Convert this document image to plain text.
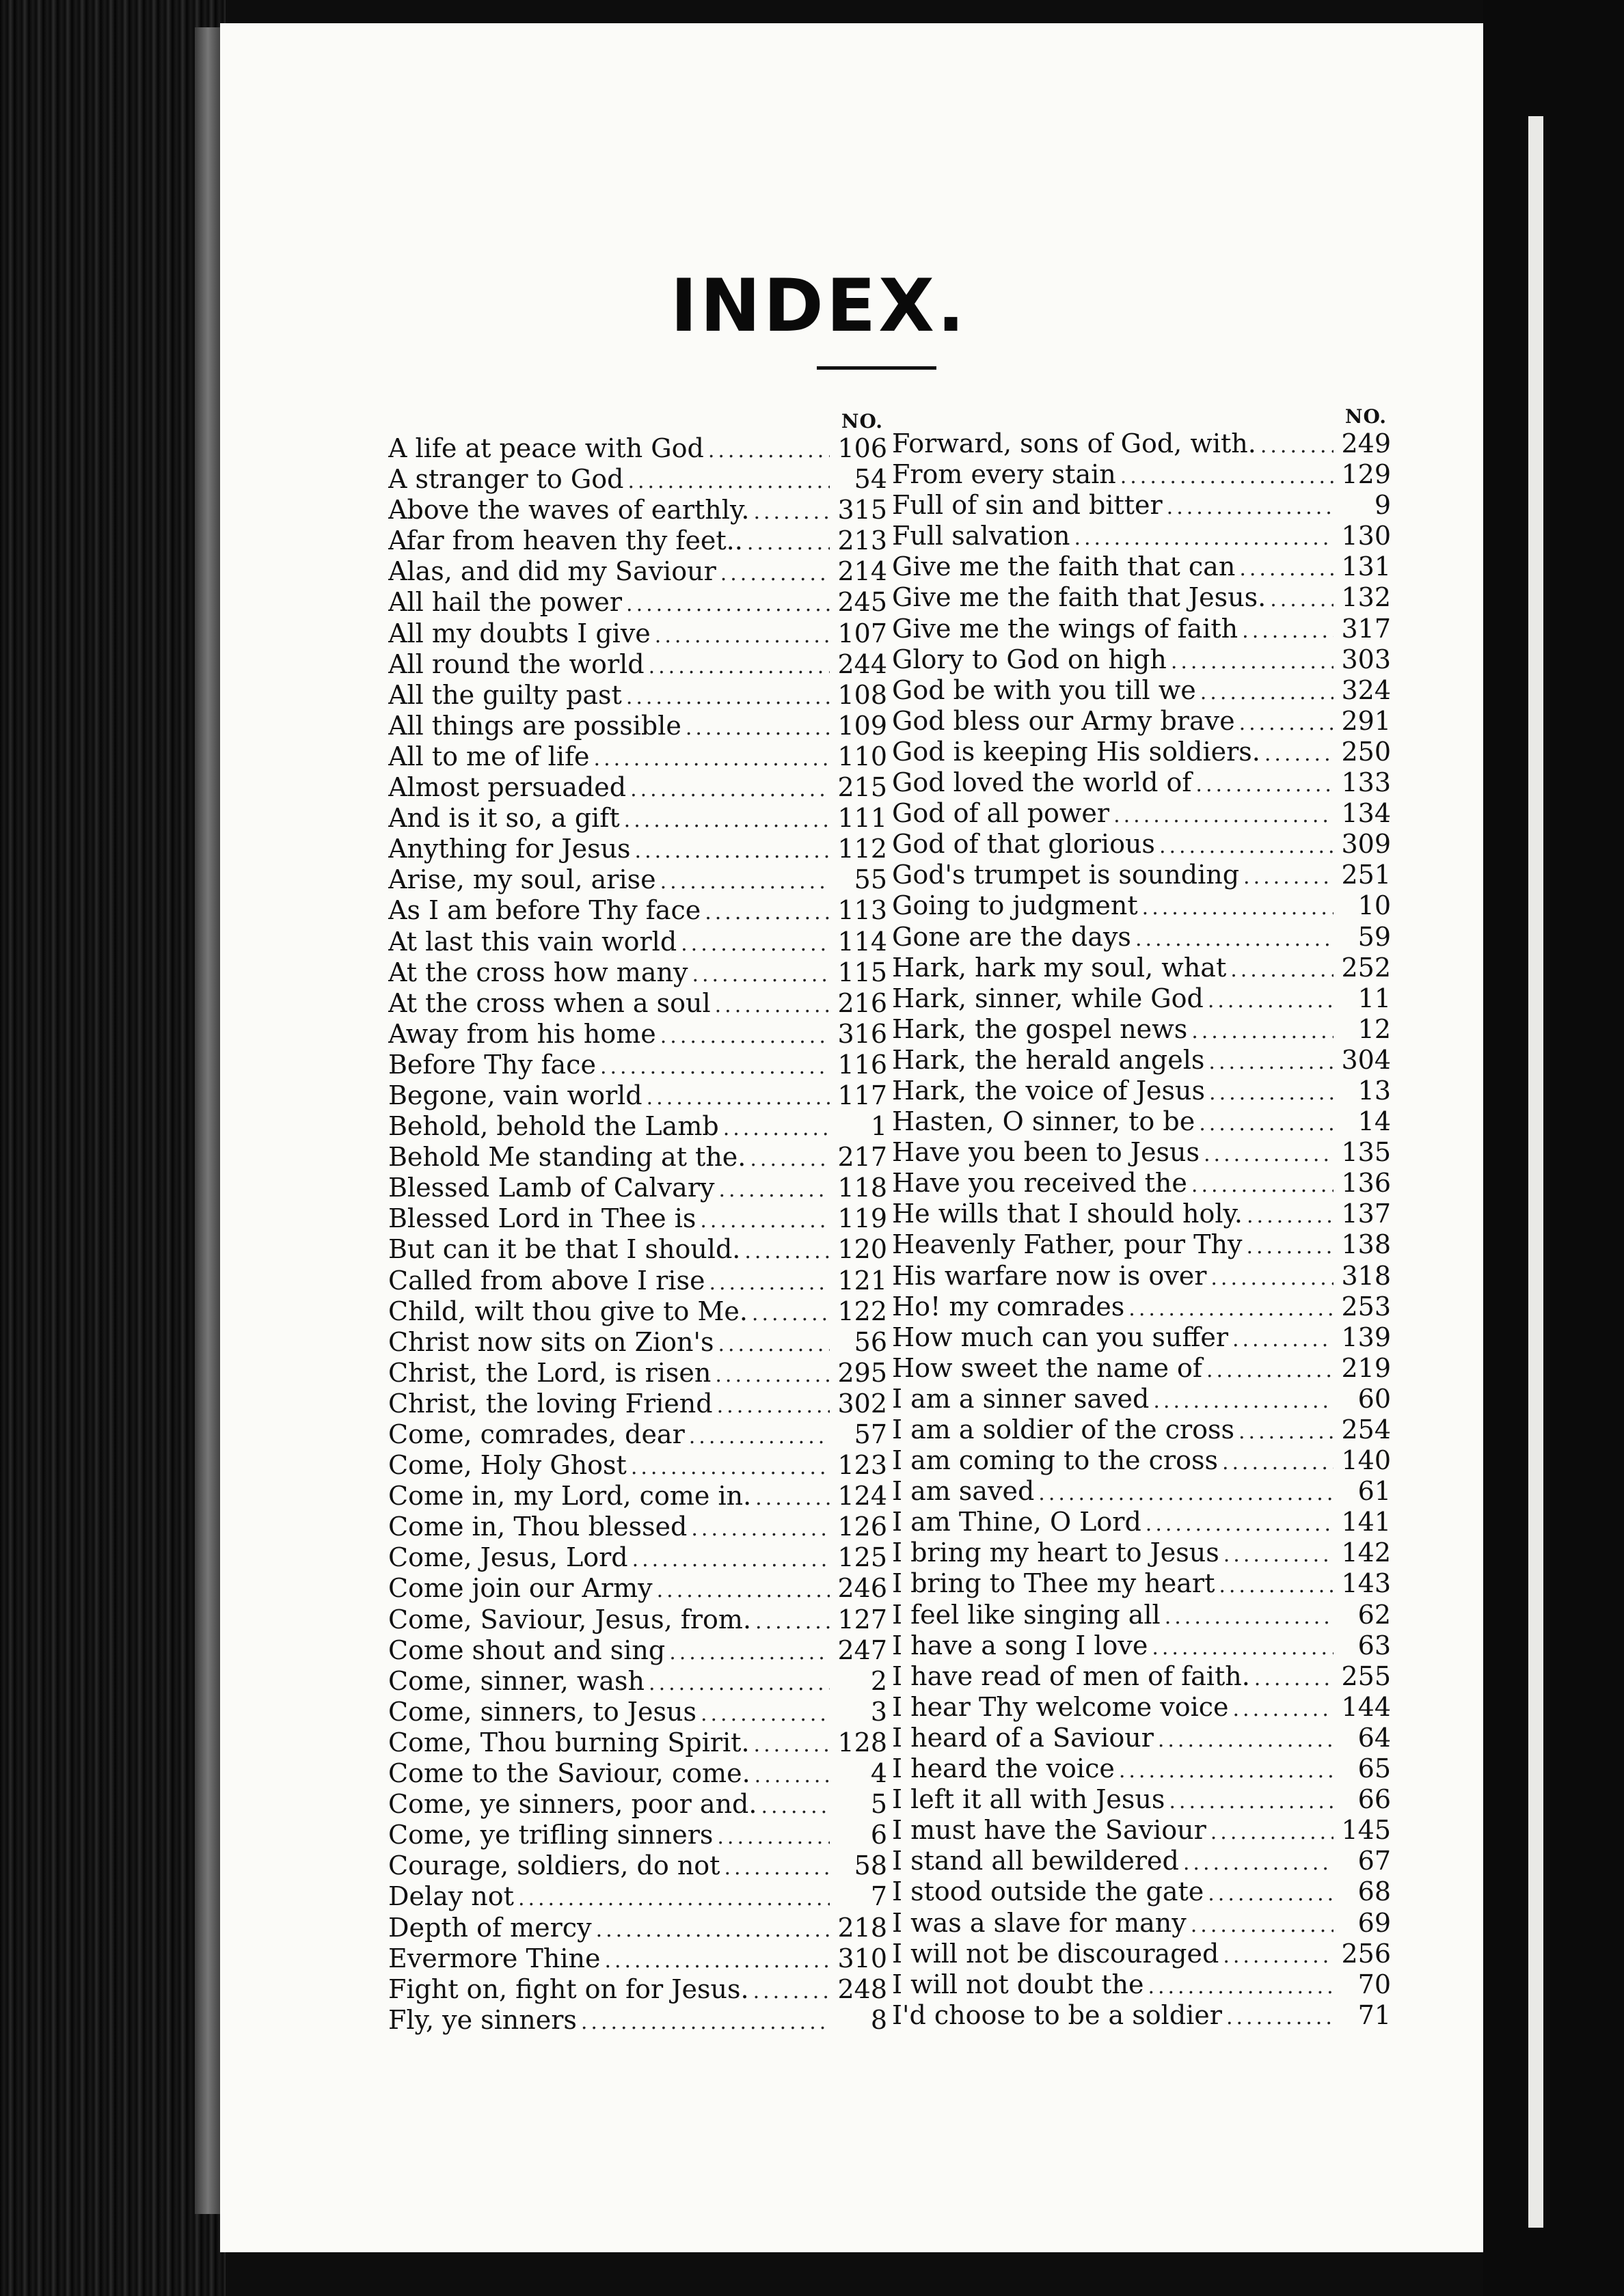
INDEX.
NO.
A life at peace with God .....	106
A stranger to God .....	54
Above the waves of earthly. .....	315
Afar from heaven thy feet.. .....	213
Alas, and did my Saviour .....	214
All hail the power .....	245
All my doubts I give .....	107
All round the world .....	244
All the guilty past .....	108
All things are possible .....	109
All to me of life .....	110
Almost persuaded .....	215
And is it so, a gift .....	111
Anything for Jesus .....	112
Arise, my soul, arise .....	55
As I am before Thy face .....	113
At last this vain world .....	114
At the cross how many .....	115
At the cross when a soul .....	216
Away from his home .....	316
Before Thy face .....	116
Begone, vain world .....	117
Behold, behold the Lamb .....	1
Behold Me standing at the. .....	217
Blessed Lamb of Calvary .....	118
Blessed Lord in Thee is .....	119
But can it be that I should. .....	120
Called from above I rise .....	121
Child, wilt thou give to Me. .....	122
Christ now sits on Zion's .....	56
Christ, the Lord, is risen .....	295
Christ, the loving Friend .....	302
Come, comrades, dear .....	57
Come, Holy Ghost .....	123
Come in, my Lord, come in. .....	124
Come in, Thou blessed .....	126
Come, Jesus, Lord .....	125
Come join our Army .....	246
Come, Saviour, Jesus, from. .....	127
Come shout and sing .....	247
Come, sinner, wash .....	2
Come, sinners, to Jesus .....	3
Come, Thou burning Spirit. .....	128
Come to the Saviour, come. .....	4
Come, ye sinners, poor and. .....	5
Come, ye trifling sinners .....	6
Courage, soldiers, do not .....	58
Delay not .....	7
Depth of mercy .....	218
Evermore Thine .....	310
Fight on, fight on for Jesus. .....	248
Fly, ye sinners .....	8
NO.
Forward, sons of God, with. .....	249
From every stain .....	129
Full of sin and bitter .....	9
Full salvation .....	130
Give me the faith that can .....	131
Give me the faith that Jesus. .....	132
Give me the wings of faith .....	317
Glory to God on high .....	303
God be with you till we .....	324
God bless our Army brave .....	291
God is keeping His soldiers. .....	250
God loved the world of .....	133
God of all power .....	134
God of that glorious .....	309
God's trumpet is sounding .....	251
Going to judgment .....	10
Gone are the days .....	59
Hark, hark my soul, what .....	252
Hark, sinner, while God .....	11
Hark, the gospel news .....	12
Hark, the herald angels .....	304
Hark, the voice of Jesus .....	13
Hasten, O sinner, to be .....	14
Have you been to Jesus .....	135
Have you received the .....	136
He wills that I should holy. .....	137
Heavenly Father, pour Thy .....	138
His warfare now is over .....	318
Ho! my comrades .....	253
How much can you suffer .....	139
How sweet the name of .....	219
I am a sinner saved .....	60
I am a soldier of the cross .....	254
I am coming to the cross .....	140
I am saved .....	61
I am Thine, O Lord .....	141
I bring my heart to Jesus .....	142
I bring to Thee my heart .....	143
I feel like singing all .....	62
I have a song I love .....	63
I have read of men of faith. .....	255
I hear Thy welcome voice .....	144
I heard of a Saviour .....	64
I heard the voice .....	65
I left it all with Jesus .....	66
I must have the Saviour .....	145
I stand all bewildered .....	67
I stood outside the gate .....	68
I was a slave for many .....	69
I will not be discouraged .....	256
I will not doubt the .....	70
I'd choose to be a soldier .....	71
